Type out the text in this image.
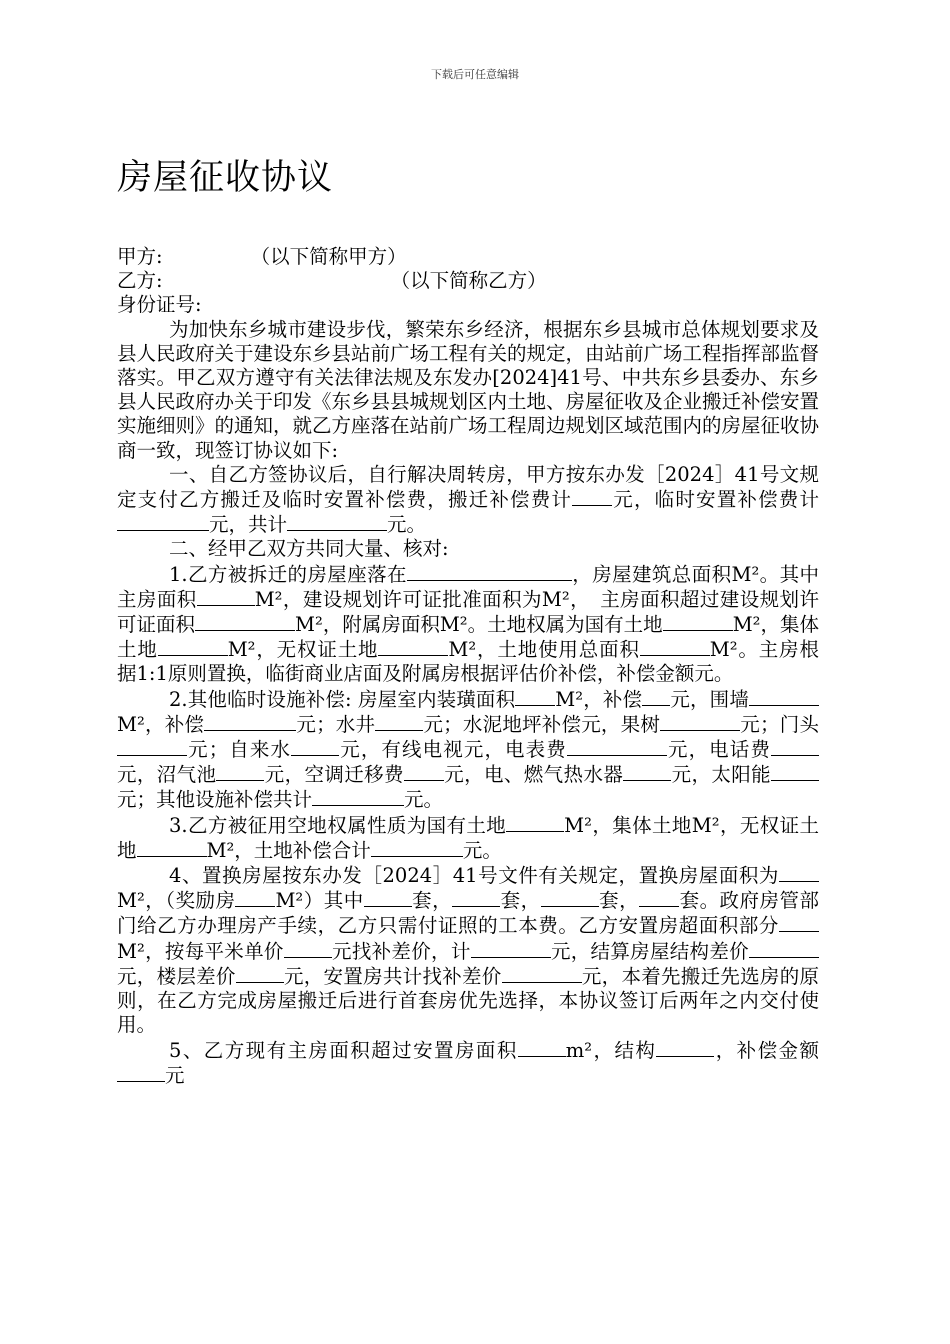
下载后可任意编辑
房屋征收协议

甲方:	（以下简称甲方）

乙方:	（以下简称乙方）

身份证号:

为加快东乡城市建设步伐，繁荣东乡经济，根据东乡县城市总体规划要求及县人民政府关于建设东乡县站前广场工程有关的规定，由站前广场工程指挥部监督落实。甲乙双方遵守有关法律法规及东发办[2024]41号、中共东乡县委办、东乡县人民政府办关于印发《东乡县县城规划区内土地、房屋征收及企业搬迁补偿安置实施细则》的通知，就乙方座落在站前广场工程周边规划区域范围内的房屋征收协商一致，现签订协议如下:

一、自乙方签协议后，自行解决周转房，甲方按东办发［2024］41号文规定支付乙方搬迁及临时安置补偿费，搬迁补偿费计 元，临时安置补偿费计元，共计	元。

二、经甲乙双方共同大量、核对:

1.乙方被拆迁的房屋座落在	，房屋建筑总面积M²。其中主房面积	M²，建设规划许可证批准面积为M²，　主房面积超过建设规划许可证面积	M²，附属房面积M²。土地权属为国有土地	M²，集体土地	M²，无权证土地	M²，土地使用总面积	M²。主房根据1:1原则置换，临街商业店面及附属房根据评估价补偿，补偿金额元。

2.其他临时设施补偿: 房屋室内装璜面积 M²，补偿 元，围墙M²，补偿	元；水井 元；水泥地坪补偿元，果树	元；门头元；自来水 元，有线电视元，电表费	元，电话费元，沼气池 元，空调迁移费 元，电、燃气热水器 元，太阳能元；其他设施补偿共计	元。

3.乙方被征用空地权属性质为国有土地	M²，集体土地M²，无权证土地	M²，土地补偿合计	元。

4、置换房屋按东办发［2024］41号文件有关规定，置换房屋面积为M²，（奖励房 M²）其中 套， 套，	套， 套。政府房管部门给乙方办理房产手续，乙方只需付证照的工本费。乙方安置房超面积部分M²，按每平米单价 元找补差价，计	元，结算房屋结构差价元，楼层差价 元，安置房共计找补差价	元，本着先搬迁先选房的原则，在乙方完成房屋搬迁后进行首套房优先选择，本协议签订后两年之内交付使用。

5、乙方现有主房面积超过安置房面积 m²，结构	，补偿金额元
